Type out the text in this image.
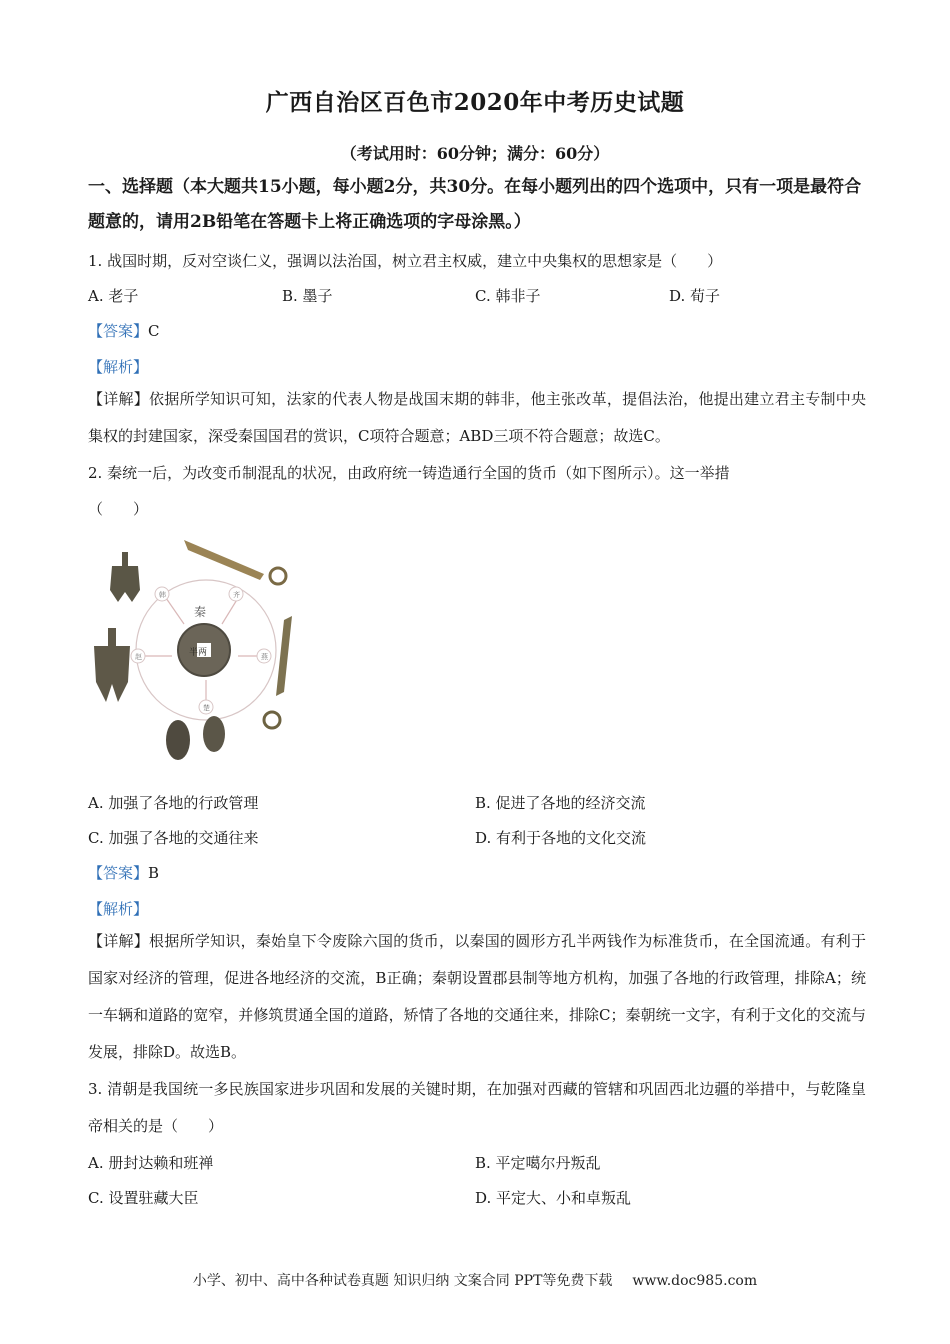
广西自治区百色市2020年中考历史试题
（考试用时：60分钟；满分：60分）
一、选择题（本大题共15小题，每小题2分，共30分。在每小题列出的四个选项中，只有一项是最符合题意的，请用2B铅笔在答题卡上将正确选项的字母涂黑。）
1. 战国时期，反对空谈仁义，强调以法治国，树立君主权威，建立中央集权的思想家是（　　）
A. 老子	B. 墨子	C. 韩非子	D. 荀子
【答案】C
【解析】
【详解】依据所学知识可知，法家的代表人物是战国末期的韩非，他主张改革，提倡法治，他提出建立君主专制中央集权的封建国家，深受秦国国君的赏识，C项符合题意；ABD三项不符合题意；故选C。
2. 秦统一后，为改变币制混乱的状况，由政府统一铸造通行全国的货币（如下图所示）。这一举措
（　　）
半两
秦
韩	齐
赵	燕
楚
A. 加强了各地的行政管理	B. 促进了各地的经济交流
C. 加强了各地的交通往来	D. 有利于各地的文化交流
【答案】B
【解析】
【详解】根据所学知识，秦始皇下令废除六国的货币，以秦国的圆形方孔半两钱作为标准货币，在全国流通。有利于国家对经济的管理，促进各地经济的交流，B正确；秦朝设置郡县制等地方机构，加强了各地的行政管理，排除A；统一车辆和道路的宽窄，并修筑贯通全国的道路，矫情了各地的交通往来，排除C；秦朝统一文字，有利于文化的交流与发展，排除D。故选B。
3. 清朝是我国统一多民族国家进步巩固和发展的关键时期，在加强对西藏的管辖和巩固西北边疆的举措中，与乾隆皇帝相关的是（　　）
A. 册封达赖和班禅	B. 平定噶尔丹叛乱
C. 设置驻藏大臣	D. 平定大、小和卓叛乱
小学、初中、高中各种试卷真题 知识归纳 文案合同 PPT等免费下载 www.doc985.com
